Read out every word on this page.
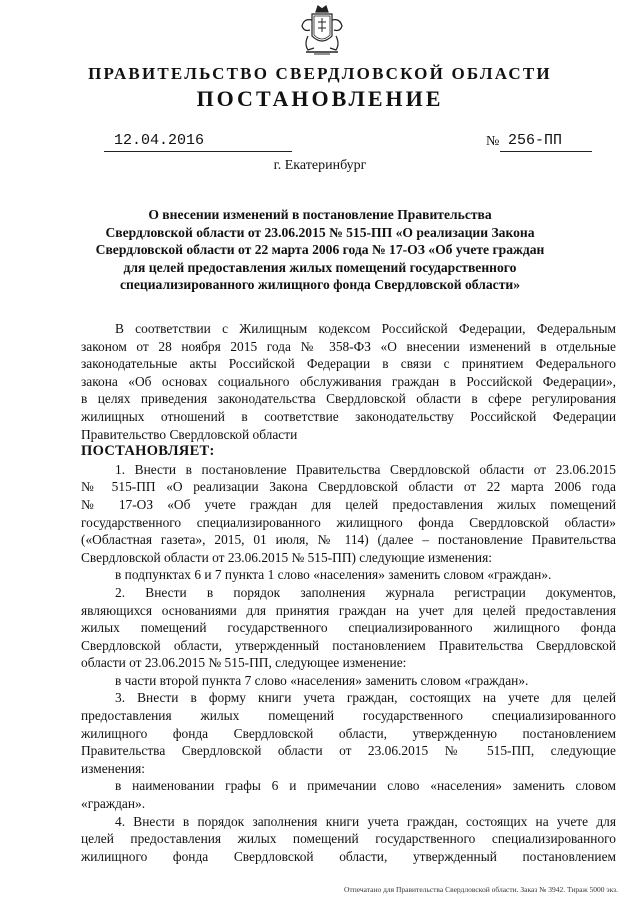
ПРАВИТЕЛЬСТВО СВЕРДЛОВСКОЙ ОБЛАСТИ
ПОСТАНОВЛЕНИЕ
12.04.2016	№ 256-ПП
г. Екатеринбург
О внесении изменений в постановление Правительства
Свердловской области от 23.06.2015 № 515-ПП «О реализации Закона
Свердловской области от 22 марта 2006 года № 17-ОЗ «Об учете граждан
для целей предоставления жилых помещений государственного
специализированного жилищного фонда Свердловской области»
В соответствии с Жилищным кодексом Российской Федерации, Федеральным
законом от 28 ноября 2015 года № 358-ФЗ «О внесении изменений в отдельные
законодательные акты Российской Федерации в связи с принятием Федерального
закона «Об основах социального обслуживания граждан в Российской Федерации»,
в целях приведения законодательства Свердловской области в сфере регулирования
жилищных отношений в соответствие законодательству Российской Федерации
Правительство Свердловской области
ПОСТАНОВЛЯЕТ:
1. Внести в постановление Правительства Свердловской области от 23.06.2015
№ 515-ПП «О реализации Закона Свердловской области от 22 марта 2006 года
№ 17-ОЗ «Об учете граждан для целей предоставления жилых помещений
государственного специализированного жилищного фонда Свердловской области»
(«Областная газета», 2015, 01 июля, № 114) (далее – постановление Правительства
Свердловской области от 23.06.2015 № 515-ПП) следующие изменения:
в подпунктах 6 и 7 пункта 1 слово «населения» заменить словом «граждан».
2. Внести в порядок заполнения журнала регистрации документов,
являющихся основаниями для принятия граждан на учет для целей предоставления
жилых помещений государственного специализированного жилищного фонда
Свердловской области, утвержденный постановлением Правительства Свердловской
области от 23.06.2015 № 515-ПП, следующее изменение:
в части второй пункта 7 слово «населения» заменить словом «граждан».
3. Внести в форму книги учета граждан, состоящих на учете для целей
предоставления жилых помещений государственного специализированного
жилищного фонда Свердловской области, утвержденную постановлением
Правительства Свердловской области от 23.06.2015 № 515-ПП, следующие
изменения:
в наименовании графы 6 и примечании слово «населения» заменить словом
«граждан».
4. Внести в порядок заполнения книги учета граждан, состоящих на учете для
целей предоставления жилых помещений государственного специализированного
жилищного фонда Свердловской области, утвержденный постановлением
Отпечатано для Правительства Свердловской области. Заказ № 3942. Тираж 5000 экз.
